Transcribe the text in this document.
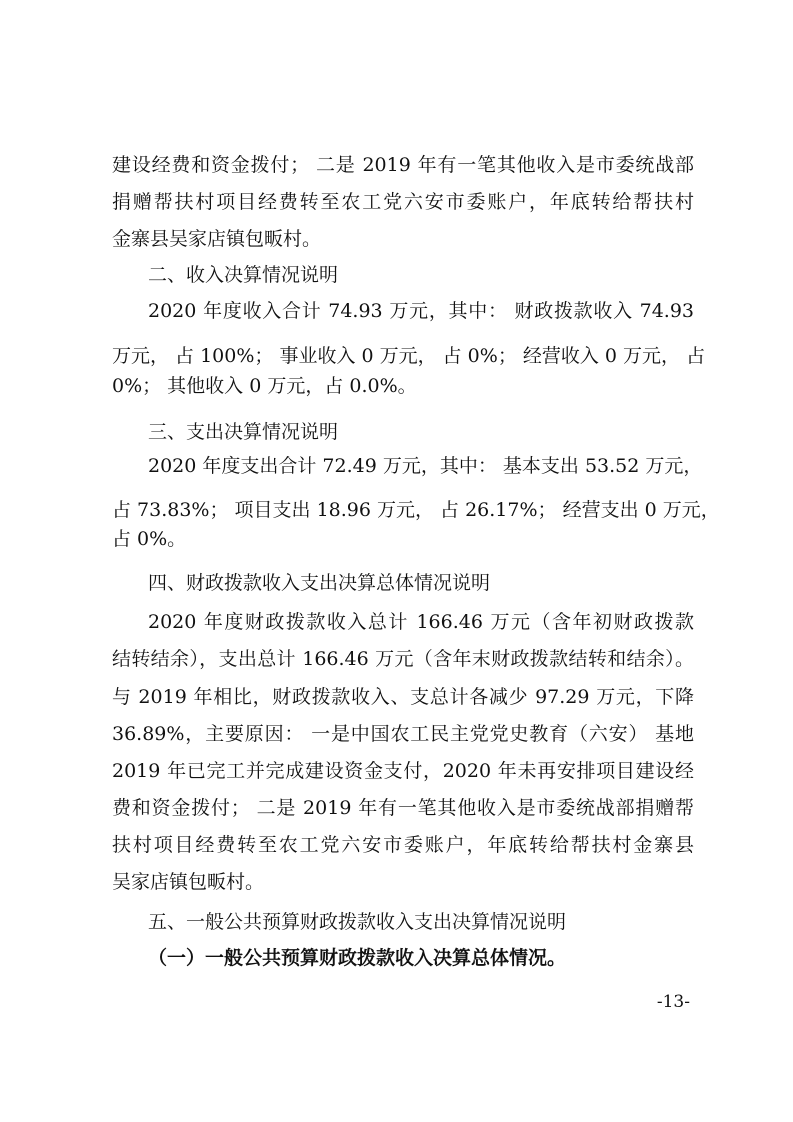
建设经费和资金拨付； 二是 2019 年有一笔其他收入是市委统战部

捐赠帮扶村项目经费转至农工党六安市委账户，年底转给帮扶村

金寨县吴家店镇包畈村。

二、收入决算情况说明

2020 年度收入合计 74.93 万元，其中： 财政拨款收入 74.93

万元， 占 100%； 事业收入 0 万元， 占 0%； 经营收入 0 万元， 占

0%； 其他收入 0 万元，占 0.0%。

三、支出决算情况说明

2020 年度支出合计 72.49 万元，其中： 基本支出 53.52 万元，

占 73.83%； 项目支出 18.96 万元， 占 26.17%； 经营支出 0 万元，

占 0%。

四、财政拨款收入支出决算总体情况说明

2020 年度财政拨款收入总计 166.46 万元（含年初财政拨款

结转结余），支出总计 166.46 万元（含年末财政拨款结转和结余）。

与 2019 年相比，财政拨款收入、支总计各减少 97.29 万元，下降

36.89%，主要原因： 一是中国农工民主党党史教育（六安） 基地

2019 年已完工并完成建设资金支付，2020 年未再安排项目建设经

费和资金拨付； 二是 2019 年有一笔其他收入是市委统战部捐赠帮

扶村项目经费转至农工党六安市委账户，年底转给帮扶村金寨县

吴家店镇包畈村。

五、一般公共预算财政拨款收入支出决算情况说明

（一）一般公共预算财政拨款收入决算总体情况。

-13-
